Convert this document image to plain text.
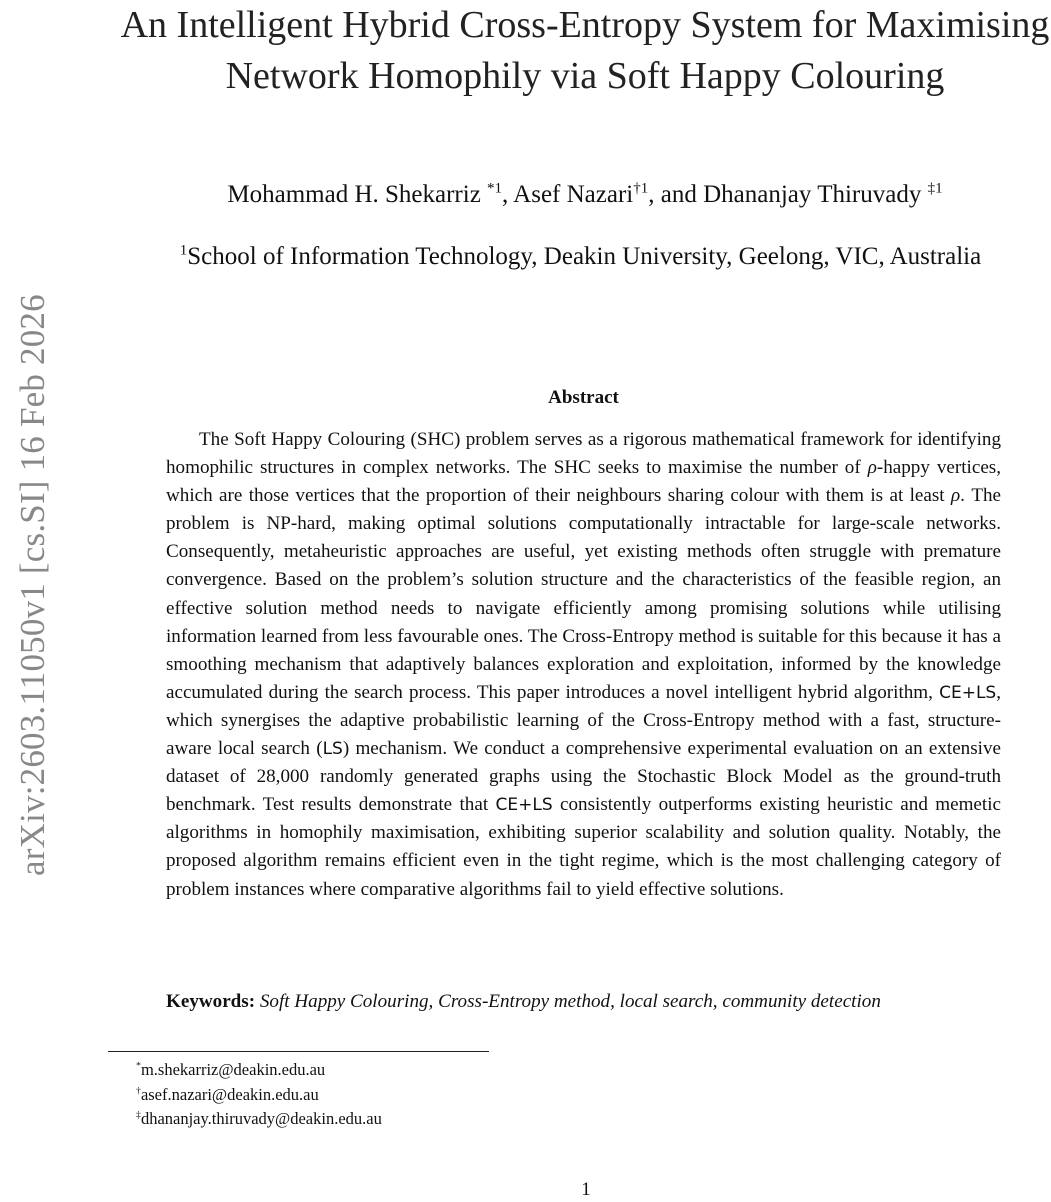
arXiv:2603.11050v1 [cs.SI] 16 Feb 2026
An Intelligent Hybrid Cross-Entropy System for Maximising Network Homophily via Soft Happy Colouring
Mohammad H. Shekarriz $^{*1}$, Asef Nazari$^{\dagger 1}$, and Dhananjay Thiruvady $^{\ddagger 1}$
$^1$School of Information Technology, Deakin University, Geelong, VIC, Australia
Abstract

The Soft Happy Colouring (SHC) problem serves as a rigorous mathematical framework for identifying homophilic structures in complex networks. The SHC seeks to maximise the number of ρ-happy vertices, which are those vertices that the proportion of their neighbours sharing colour with them is at least ρ. The problem is NP-hard, making optimal solutions computationally intractable for large-scale networks. Consequently, metaheuristic approaches are useful, yet existing methods often struggle with premature convergence. Based on the problem’s solution structure and the characteristics of the feasible region, an effective solution method needs to navigate efficiently among promising solutions while utilising information learned from less favourable ones. The Cross-Entropy method is suitable for this because it has a smoothing mechanism that adaptively balances exploration and exploitation, informed by the knowledge accumulated during the search process. This paper introduces a novel intelligent hybrid algorithm, CE+LS, which synergises the adaptive probabilistic learning of the Cross-Entropy method with a fast, structure-aware local search (LS) mechanism. We conduct a comprehensive experimental evaluation on an extensive dataset of 28,000 randomly generated graphs using the Stochastic Block Model as the ground-truth benchmark. Test results demonstrate that CE+LS consistently outperforms existing heuristic and memetic algorithms in homophily maximisation, exhibiting superior scalability and solution quality. Notably, the proposed algorithm remains efficient even in the tight regime, which is the most challenging category of problem instances where comparative algorithms fail to yield effective solutions.

Keywords: Soft Happy Colouring, Cross-Entropy method, local search, community detection

*m.shekarriz@deakin.edu.au
†asef.nazari@deakin.edu.au
‡dhananjay.thiruvady@deakin.edu.au
1
